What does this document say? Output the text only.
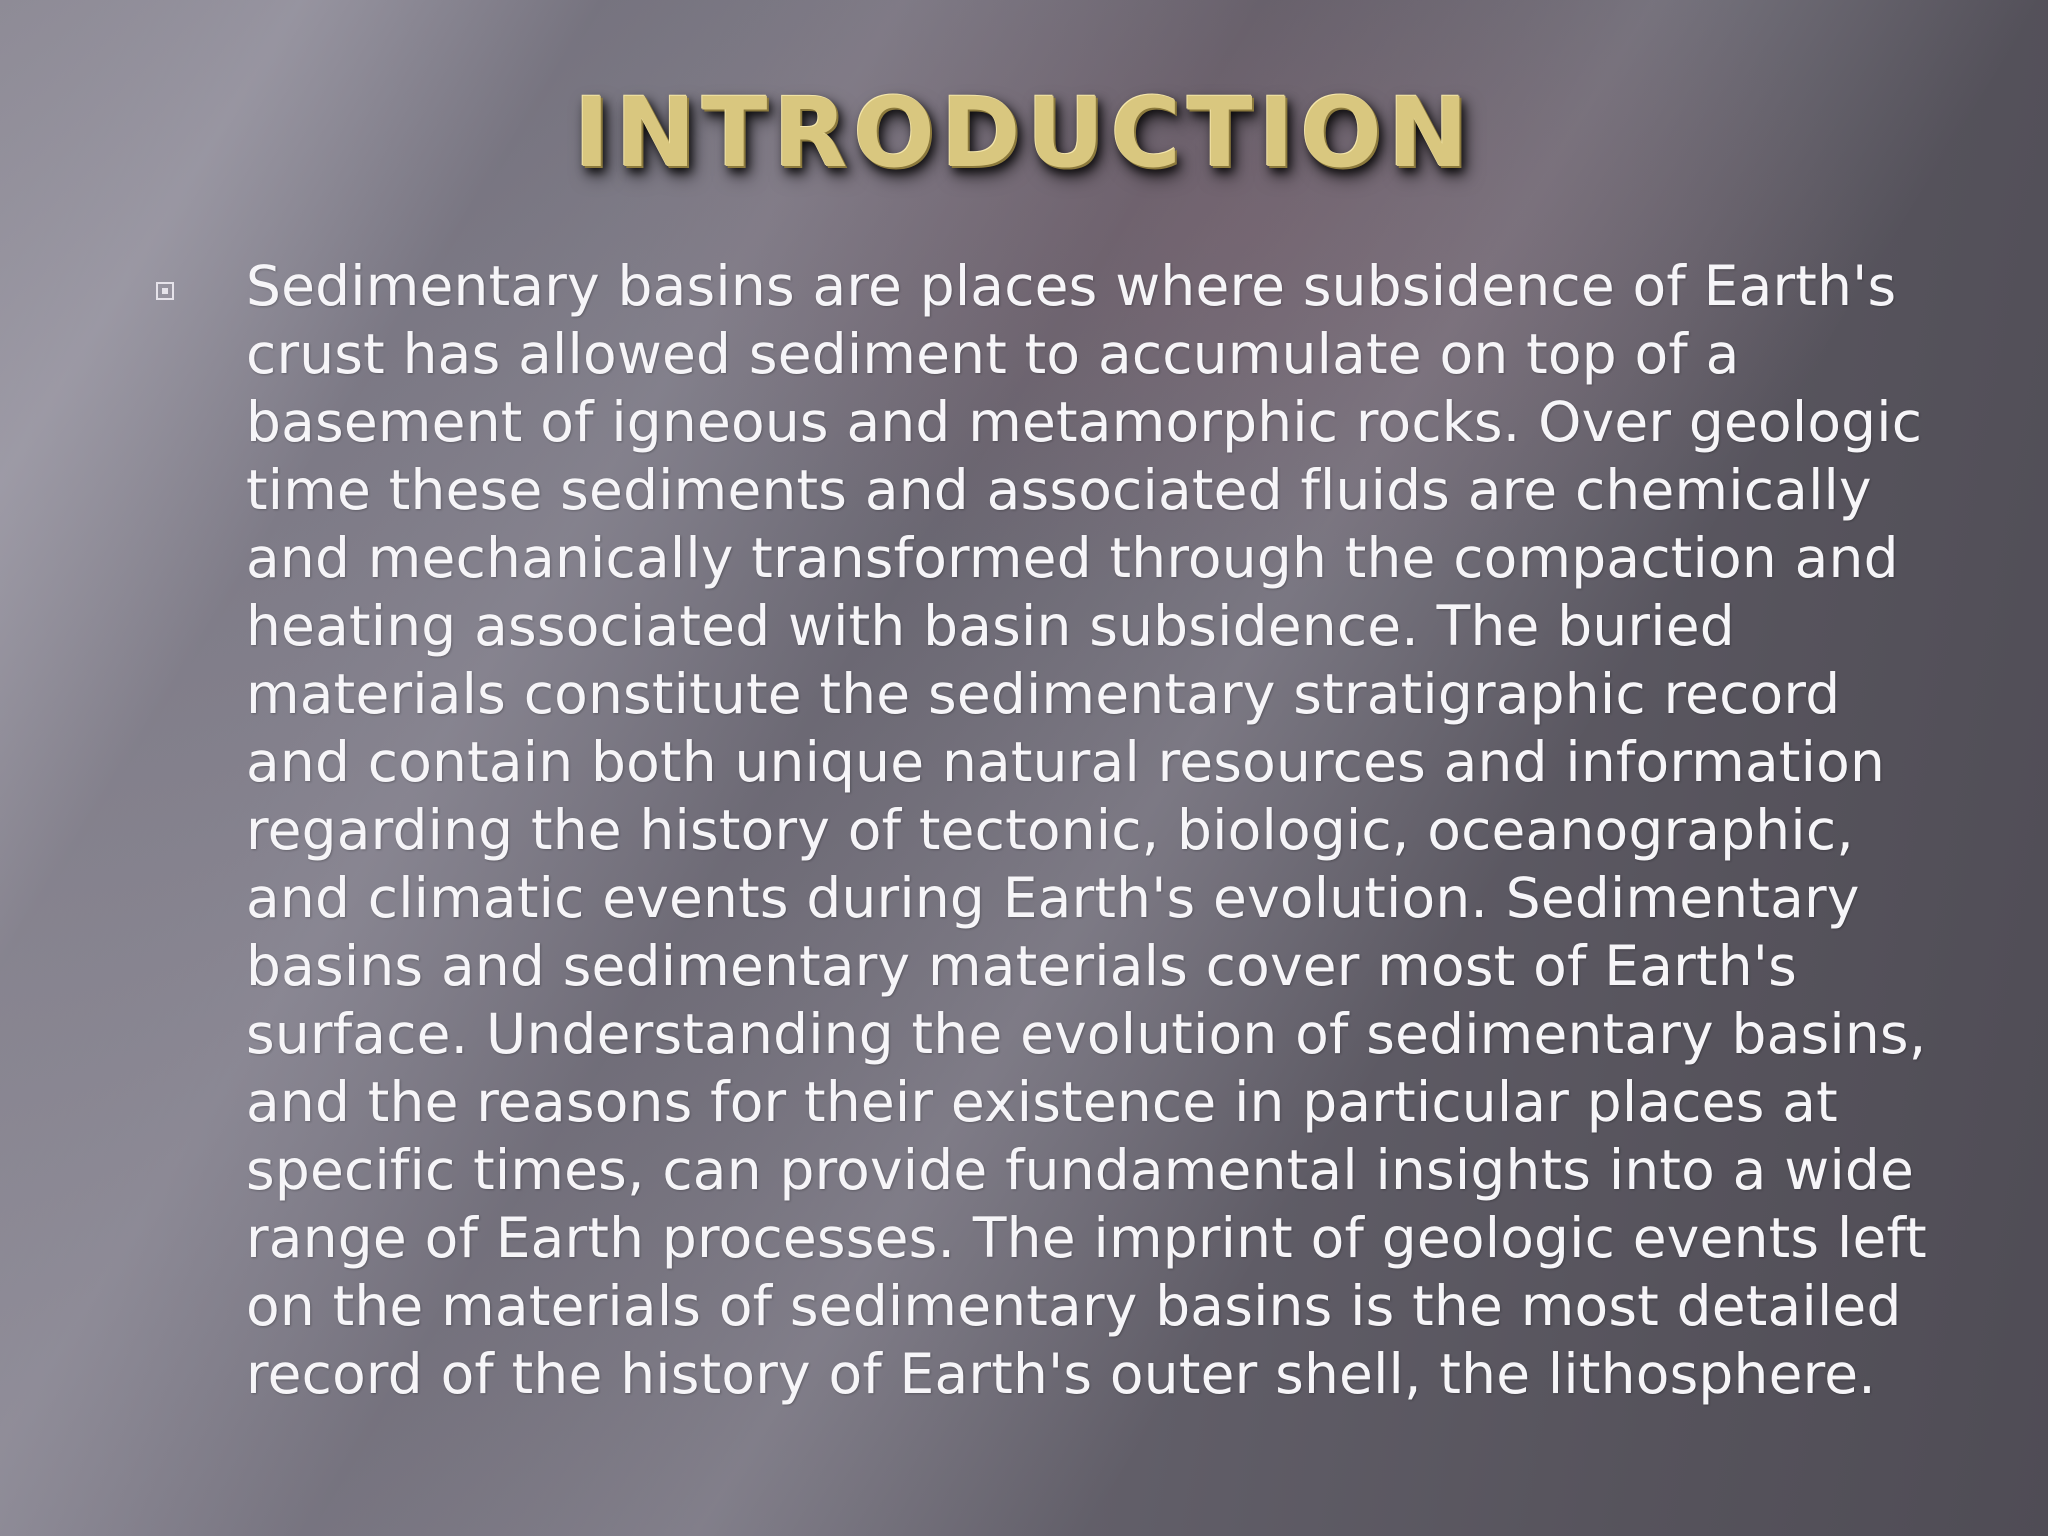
INTRODUCTION
Sedimentary basins are places where subsidence of Earth's crust has allowed sediment to accumulate on top of a basement of igneous and metamorphic rocks. Over geologic time these sediments and associated fluids are chemically and mechanically transformed through the compaction and heating associated with basin subsidence. The buried materials constitute the sedimentary stratigraphic record and contain both unique natural resources and information regarding the history of tectonic, biologic, oceanographic, and climatic events during Earth's evolution. Sedimentary basins and sedimentary materials cover most of Earth's surface. Understanding the evolution of sedimentary basins, and the reasons for their existence in particular places at specific times, can provide fundamental insights into a wide range of Earth processes. The imprint of geologic events left on the materials of sedimentary basins is the most detailed record of the history of Earth's outer shell, the lithosphere.
